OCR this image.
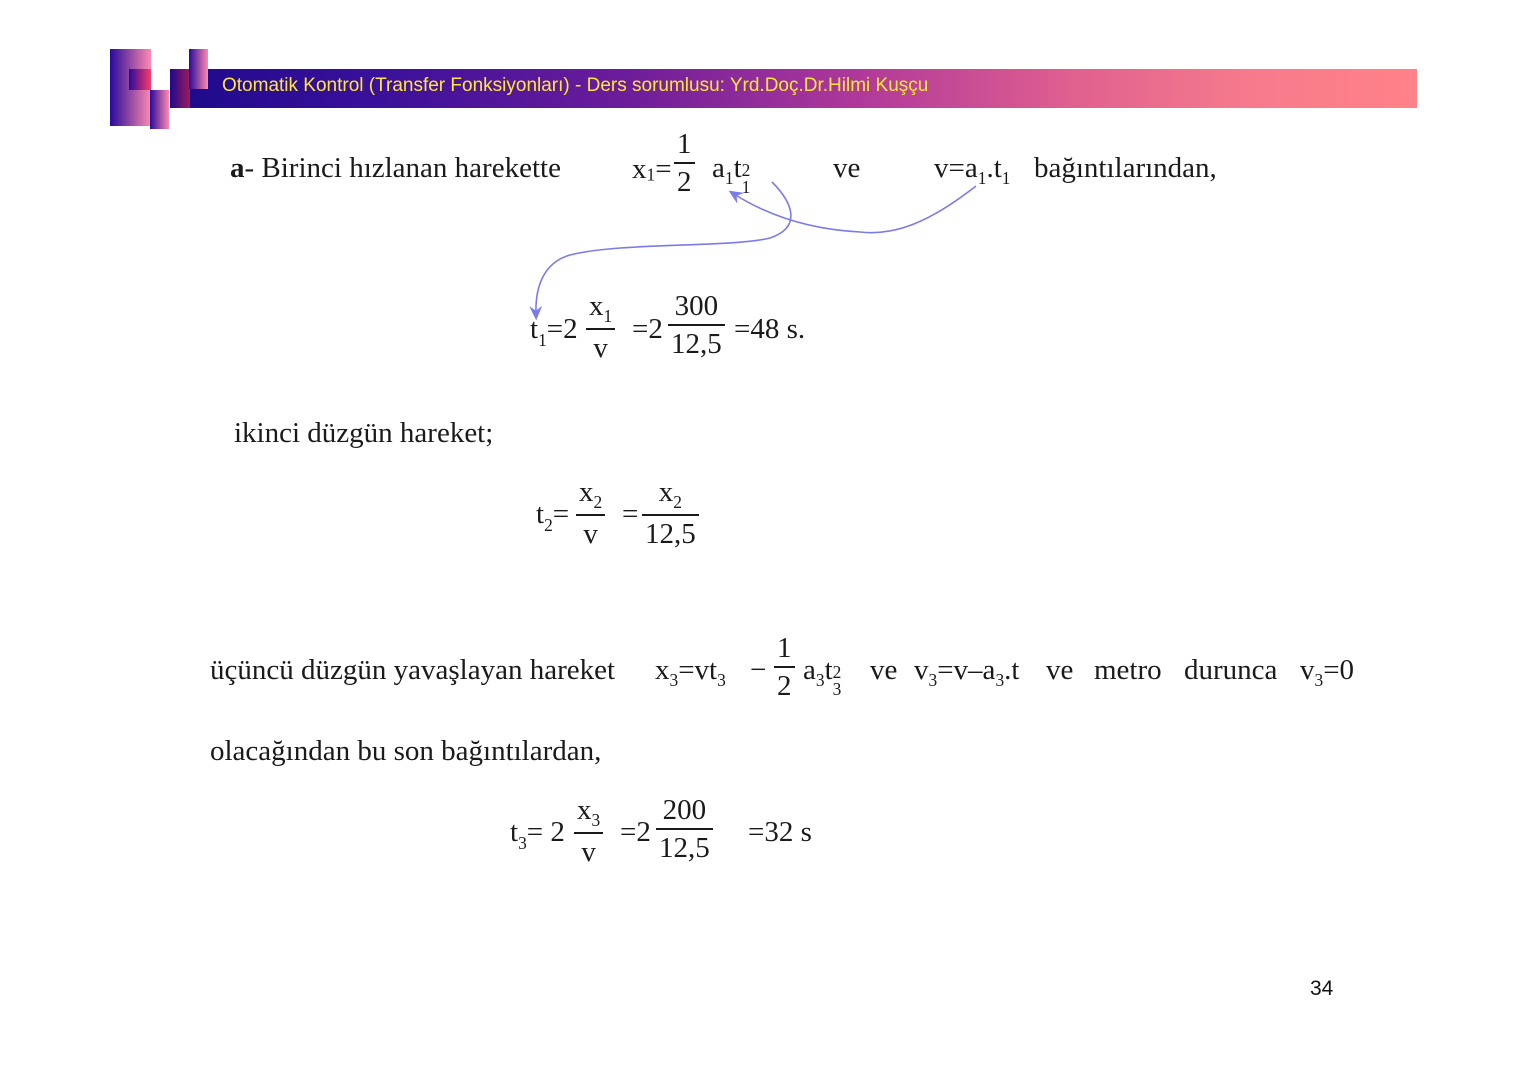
Otomatik Kontrol (Transfer Fonksiyonları) - Ders sorumlusu: Yrd.Doç.Dr.Hilmi Kuşçu
a- Birinci hızlanan harekette $x_1=$
1
2 $a_1t$ 2
1
ve	$v=a_1.t_1$ bağıntılarından,
$t_1=2$
$x_1$
v
=2
300
12,5 =48 s.
ikinci düzgün hareket;
$t_2=$
$x_2$
v
=
$x_2$
12,5
üçüncü düzgün yavaşlayan hareket $x_3=vt_3$ −
1
2 $a_3t$ 2
3
ve $v_3=v-a_3.t$ ve metro durunca $v_3=0$
olacağından bu son bağıntılardan,
$t_3= 2$
$x_3$
v
=2
200
12,5 =32 s
34
